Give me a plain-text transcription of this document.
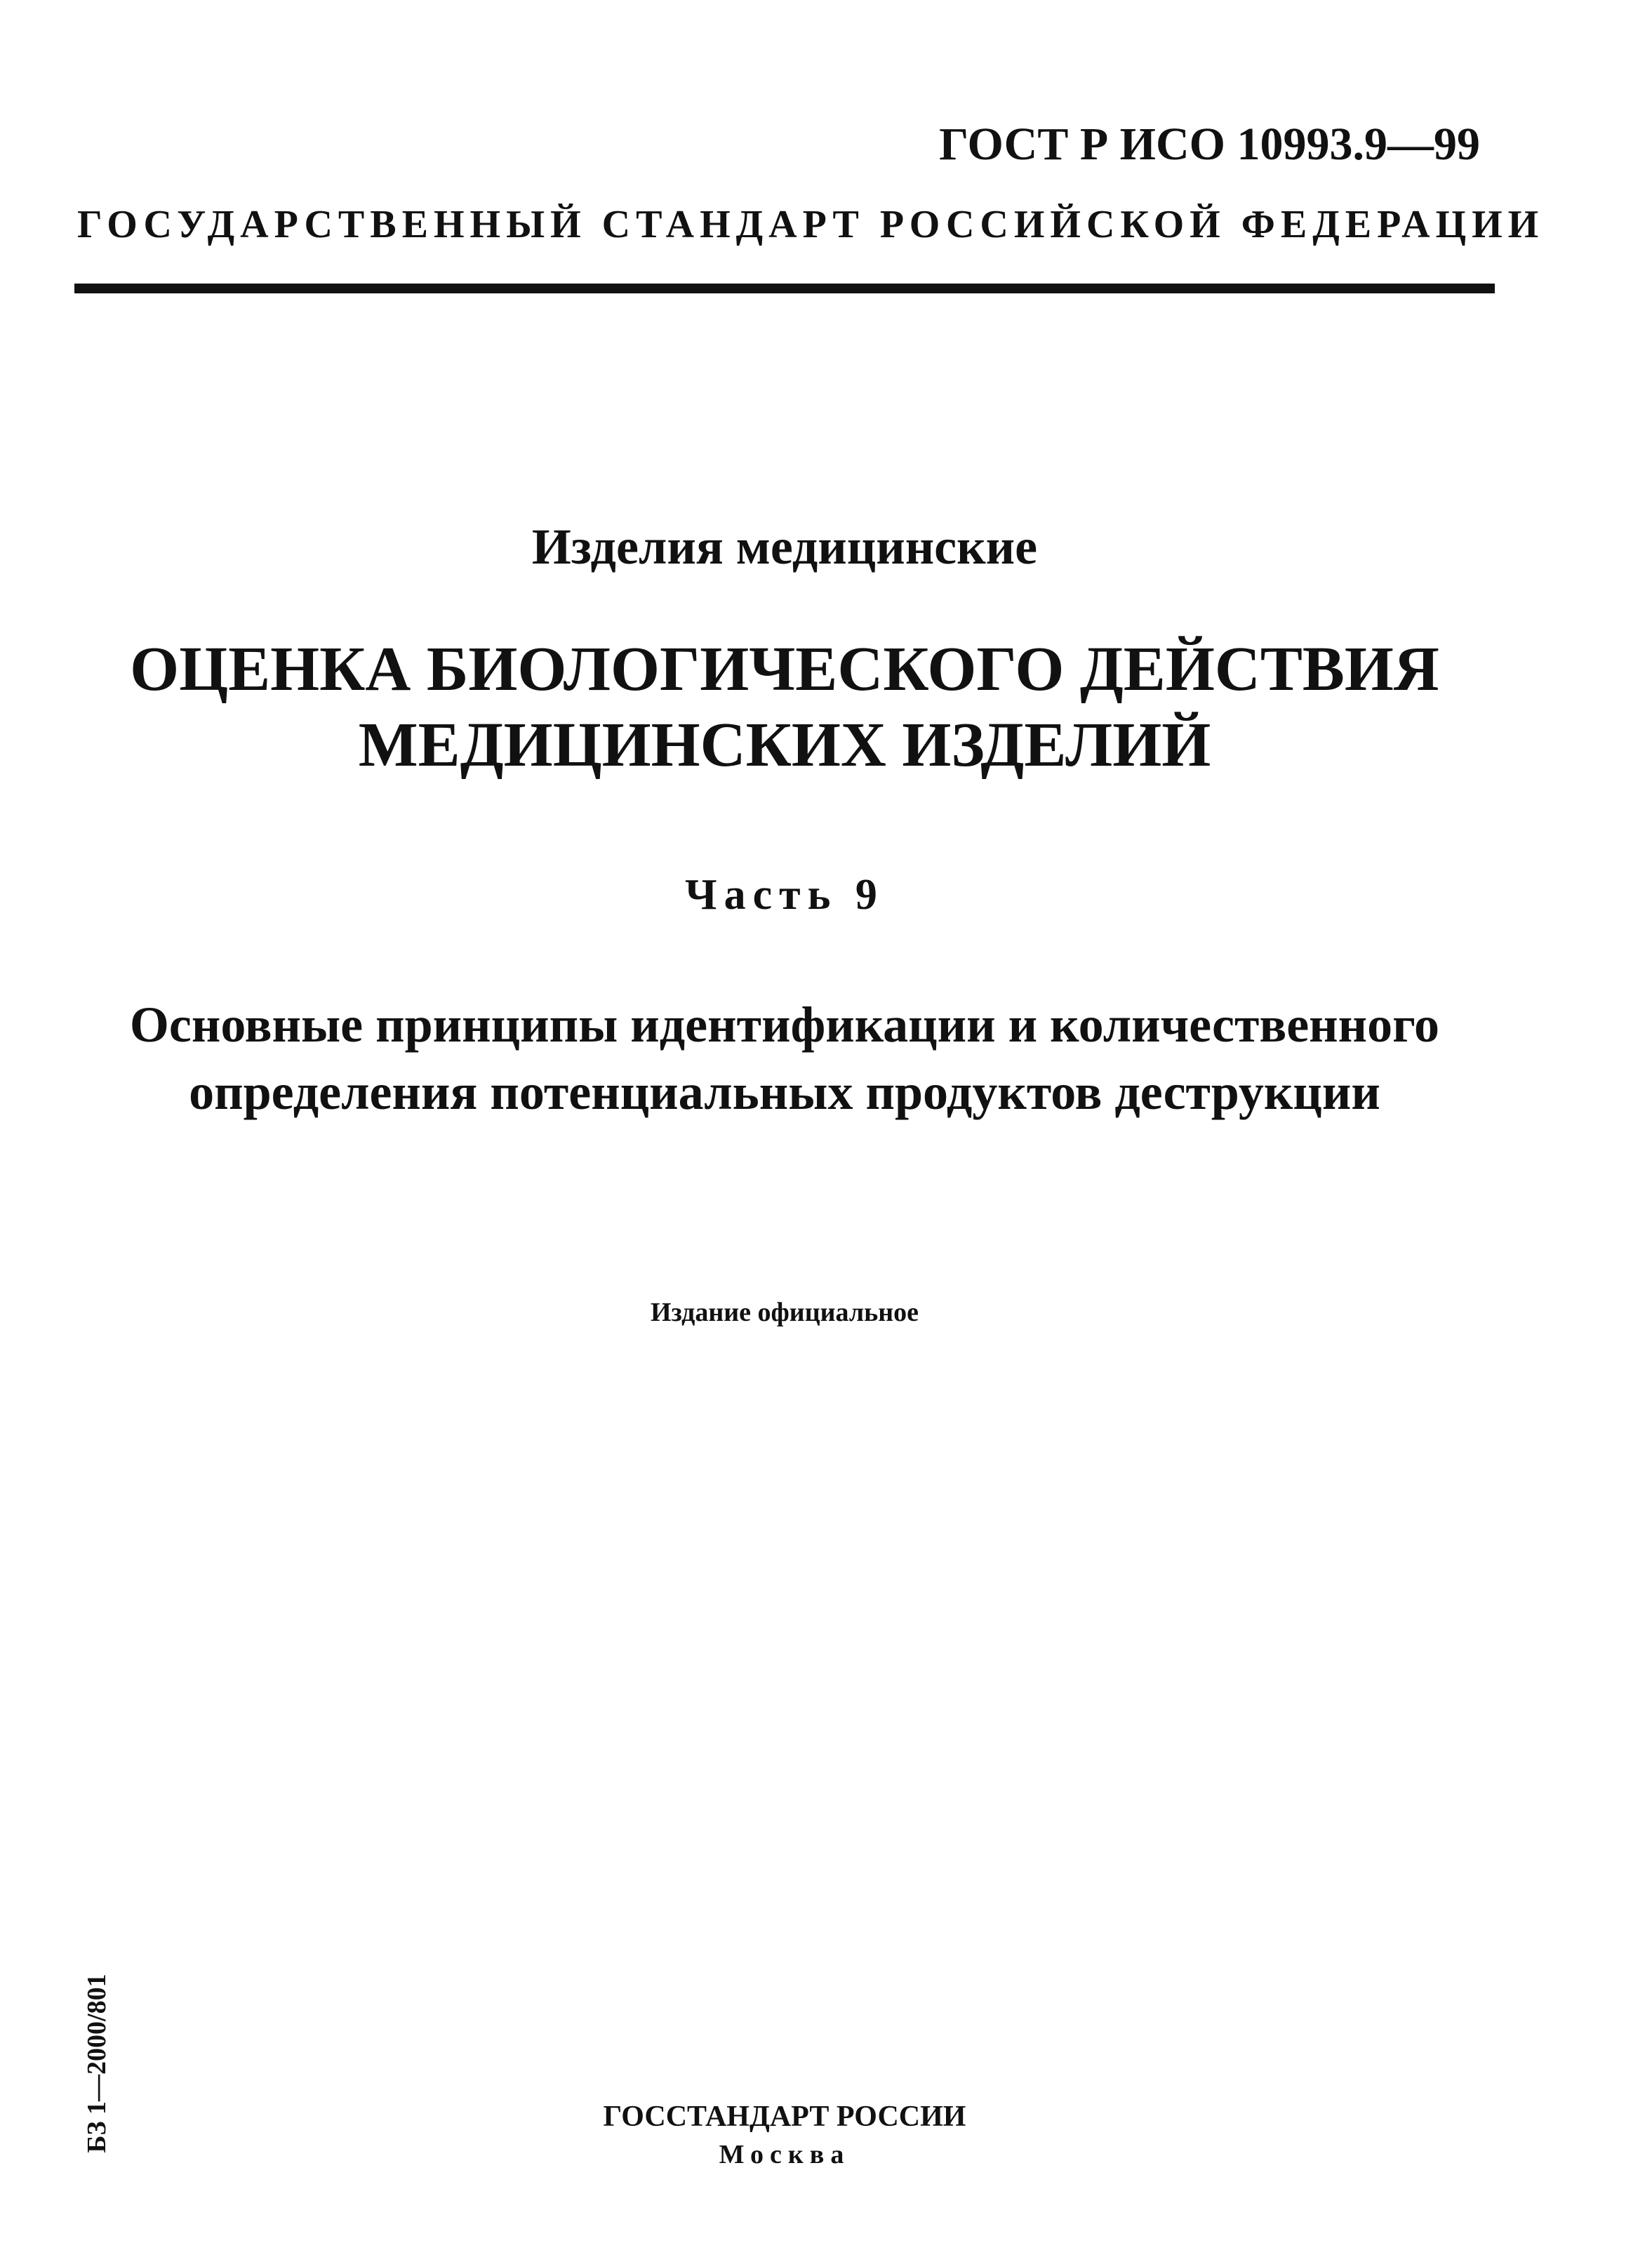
ГОСТ Р ИСО 10993.9—99
ГОСУДАРСТВЕННЫЙ СТАНДАРТ РОССИЙСКОЙ ФЕДЕРАЦИИ
Изделия медицинские
ОЦЕНКА БИОЛОГИЧЕСКОГО ДЕЙСТВИЯ
МЕДИЦИНСКИХ ИЗДЕЛИЙ
Часть 9
Основные принципы идентификации и количественного
определения потенциальных продуктов деструкции
Издание официальное
БЗ 1—2000/801	ГОССТАНДАРТ РОССИИ
Москва
